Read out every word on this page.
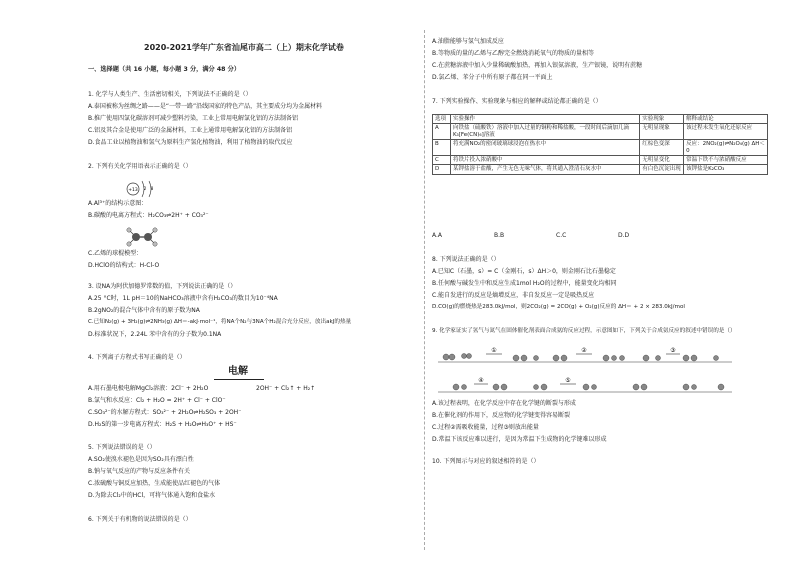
2020-2021学年广东省汕尾市高二（上）期末化学试卷
一、选择题（共 16 小题，每小题 3 分，满分 48 分）
1. 化学与人类生产、生活密切相关，下列说法不正确的是（）
A.泰国被称为丝绸之路——是“一带一路”沿线国家的特色产品，其主要成分均为金属材料
B.推广使用四氯化碳溶剂可减少塑料污染，工业上常用电解氯化铝的方法制备铝
C.铝及其合金是使用广泛的金属材料，工业上通常用电解氯化铝的方法制备铝
D.食品工业以植物油和氢气为原料生产氢化植物油，利用了植物油的取代反应
2. 下列有关化学用语表示正确的是（）
+13 2 8
A.Al³⁺的结构示意图：
B.碳酸的电离方程式：H₂CO₃⇌2H⁺ + CO₃²⁻
C.乙烯的球棍模型：
D.HClO的结构式：H-Cl-O
3. 设NA为阿伏加德罗常数的值，下列说法正确的是（）
A.25 °C时，1L pH＝10的NaHCO₃溶液中含有H₂CO₃的数目为10⁻⁴NA
B.2gNO₂的混合气体中含有的原子数为NA
C.已知N₂(g) + 3H₂(g)⇌2NH₃(g) ΔH＝-akJ·mol⁻¹，将NA个N₂与3NA个H₂混合充分反应，放出akJ的热量
D.标准状况下，2.24L 苯中含有的分子数为0.1NA
4. 下列离子方程式书写正确的是（）
电解
A.用石墨电极电解MgCl₂溶液：2Cl⁻ + 2H₂O	2OH⁻ + Cl₂↑ + H₂↑
B.氯气和水反应：Cl₂ + H₂O = 2H⁺ + Cl⁻ + ClO⁻
C.SO₃²⁻的水解方程式：SO₃²⁻ + 2H₂O⇌H₂SO₃ + 2OH⁻
D.H₂S的第一步电离方程式：H₂S + H₂O⇌H₃O⁺ + HS⁻
5. 下列说法错误的是（）
A.SO₂使溴水褪色是因为SO₂具有漂白性
B.钠与氧气反应的产物与反应条件有关
C.浓硫酸与铜反应加热，生成能使品红褪色的气体
D.为除去Cl₂中的HCl，可将气体通入饱和食盐水
6. 下列关于有机物的说法错误的是（）
A.油脂能够与氢气加成反应
B.等物质的量的乙烯与乙醇完全燃烧消耗氧气的物质的量相等
C.在蔗糖溶液中加入少量稀硫酸加热，再加入银氨溶液，生产银镜，说明有蔗糖
D.氯乙烯、苯分子中所有原子都在同一平面上
7. 下列实验操作、实验现象与相应的解释或结论都正确的是（）
选项	实验操作	实验现象	解释或结论
A	向铁盐（硫酸铁）溶液中加入过量的铜粉和稀盐酸，一段时间后滴加几滴K₃[Fe(CN)₆]溶液	无明显现象	该过程未发生氧化还原反应
B	将充满NO₂的密闭玻璃球浸泡在热水中	红棕色变深	反应：2NO₂(g)⇌N₂O₄(g) ΔH＜0
C	将铁片投入浓硝酸中	无明显变化	常温下铁不与浓硝酸反应
D	某钾盐溶于盐酸，产生无色无味气体，将其通入澄清石灰水中	有白色沉淀出现	该钾盐是K₂CO₃
A.A	B.B	C.C	D.D
8. 下列说法正确的是（）
A.已知C（石墨，s）= C（金刚石，s）ΔH＞0，则金刚石比石墨稳定
B.任何酸与碱发生中和反应生成1mol H₂O的过程中，能量变化均相同
C.能自发进行的反应是熵增反应，非自发反应一定是吸热反应
D.CO(g)的燃烧热是283.0kJ/mol，则2CO₂(g) = 2CO(g) + O₂(g)反应的 ΔH＝ + 2 × 283.0kJ/mol
9. 化学家证实了氢气与氮气在固体催化剂表面合成氨的反应过程，示意图如下，下列关于合成氨反应的叙述中错误的是（）
①	②	③
④	⑤
A.该过程表明，在化学反应中存在化学键的断裂与形成
B.在催化剂的作用下，反应物的化学键变得容易断裂
C.过程②需吸收能量，过程③则放出能量
D.常温下该反应难以进行，是因为常温下生成物的化学键难以形成
10. 下列图示与对应的叙述相符的是（）
